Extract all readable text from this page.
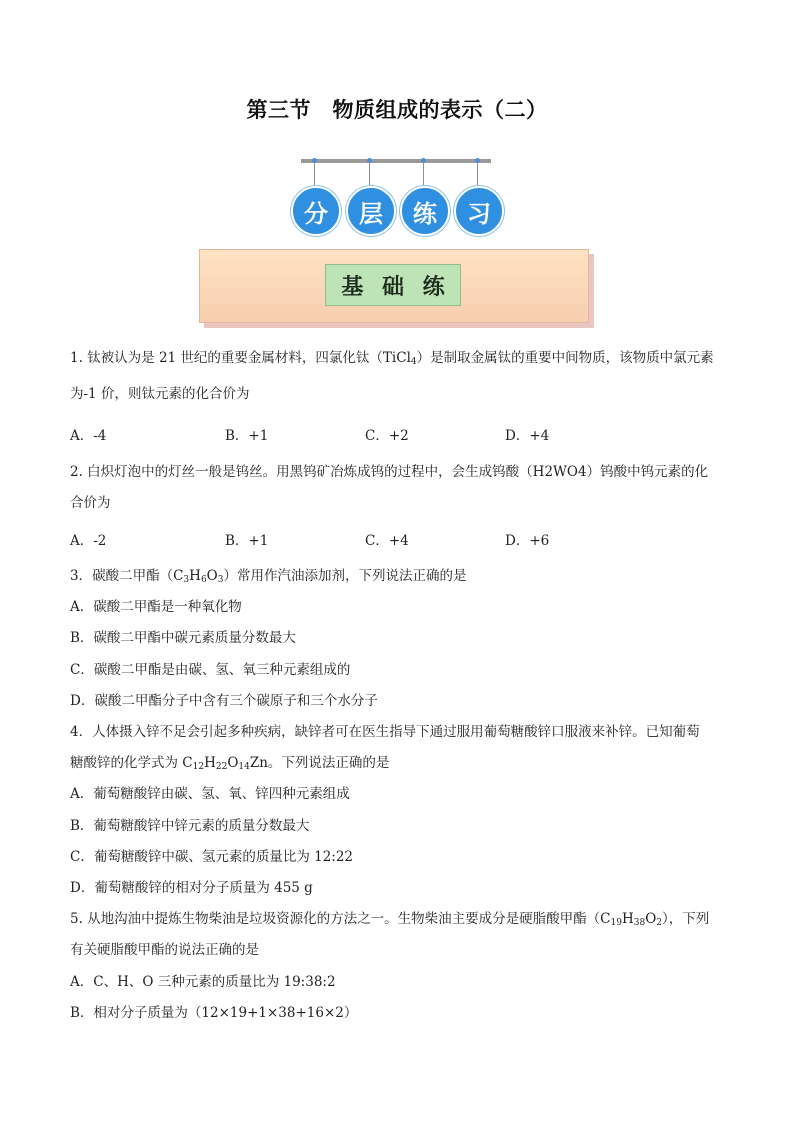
第三节　物质组成的表示（二）
分	层	练	习
基 础 练
1. 钛被认为是 21 世纪的重要金属材料，四氯化钛（TiCl$_4$）是制取金属钛的重要中间物质，该物质中氯元素
为-1 价，则钛元素的化合价为
A．-4	B．+1	C．+2	D．+4
2. 白炽灯泡中的灯丝一般是钨丝。用黑钨矿冶炼成钨的过程中，会生成钨酸（H2WO4）钨酸中钨元素的化
合价为
A．-2	B．+1	C．+4	D．+6
3．碳酸二甲酯$(C_3H_6O_3)$常用作汽油添加剂，下列说法正确的是
A．碳酸二甲酯是一种氧化物
B．碳酸二甲酯中碳元素质量分数最大
C．碳酸二甲酯是由碳、氢、氧三种元素组成的
D．碳酸二甲酯分子中含有三个碳原子和三个水分子
4．人体摄入锌不足会引起多种疾病，缺锌者可在医生指导下通过服用葡萄糖酸锌口服液来补锌。已知葡萄
糖酸锌的化学式为 $C_{12}H_{22}O_{14}Zn$。下列说法正确的是
A．葡萄糖酸锌由碳、氢、氧、锌四种元素组成
B．葡萄糖酸锌中锌元素的质量分数最大
C．葡萄糖酸锌中碳、氢元素的质量比为 12:22
D．葡萄糖酸锌的相对分子质量为 455 g
5. 从地沟油中提炼生物柴油是垃圾资源化的方法之一。生物柴油主要成分是硬脂酸甲酯$(C_{19}H_{38}O_2)$，下列
有关硬脂酸甲酯的说法正确的是
A．C、H、O 三种元素的质量比为 19:38:2
B．相对分子质量为（12×19+1×38+16×2）
